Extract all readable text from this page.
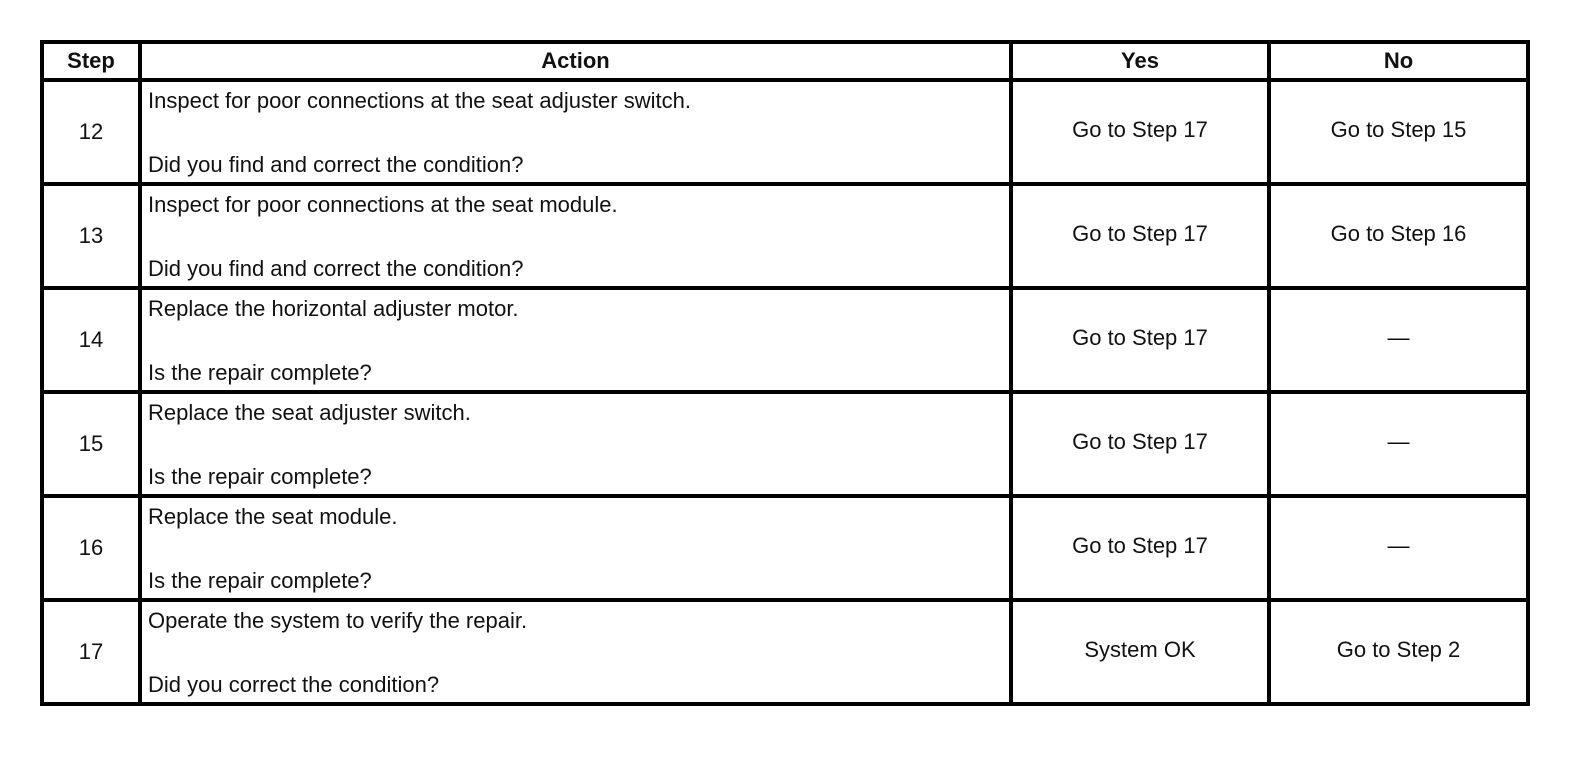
Step	Action	Yes	No
12	Inspect for poor connections at the seat adjuster switch.
Did you find and correct the condition?	Go to Step 17	Go to Step 15

13	Inspect for poor connections at the seat module.
Did you find and correct the condition?	Go to Step 17	Go to Step 16

14	Replace the horizontal adjuster motor.
Is the repair complete?	Go to Step 17	—

15	Replace the seat adjuster switch.
Is the repair complete?	Go to Step 17	—

16	Replace the seat module.
Is the repair complete?	Go to Step 17	—

17	Operate the system to verify the repair.
Did you correct the condition?	System OK	Go to Step 2
